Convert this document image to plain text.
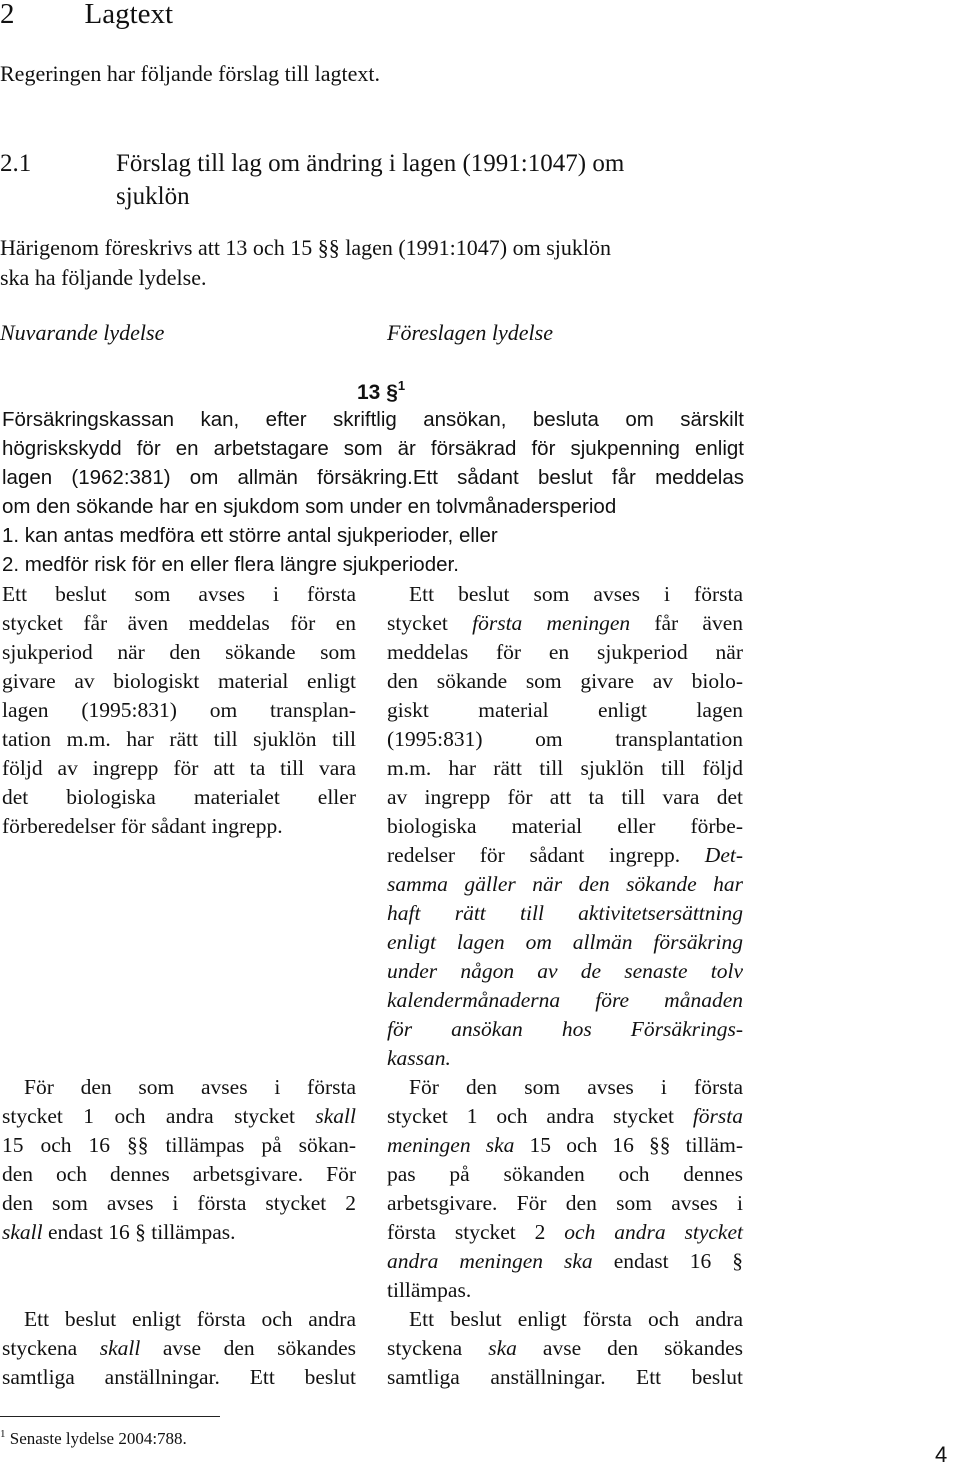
2 Lagtext
Regeringen har följande förslag till lagtext.
2.1	Förslag till lag om ändring i lagen (1991:1047) om
sjuklön
Härigenom föreskrivs att 13 och 15 §§ lagen (1991:1047) om sjuklön
ska ha följande lydelse.
Nuvarande lydelse	Föreslagen lydelse
13 §$^1$
Försäkringskassan kan, efter skriftlig ansökan, besluta om särskilt
högriskskydd för en arbetstagare som är försäkrad för sjukpenning enligt
lagen (1962:381) om allmän försäkring.Ett sådant beslut får meddelas
om den sökande har en sjukdom som under en tolvmånadersperiod
1. kan antas medföra ett större antal sjukperioder, eller
2. medför risk för en eller flera längre sjukperioder.
Ett beslut som avses i första
stycket får även meddelas för en
sjukperiod när den sökande som
givare av biologiskt material enligt
lagen (1995:831) om transplan-
tation m.m. har rätt till sjuklön till
följd av ingrepp för att ta till vara
det biologiska materialet eller
förberedelser för sådant ingrepp.
För den som avses i första
stycket 1 och andra stycket skall
15 och 16 §§ tillämpas på sökan-
den och dennes arbetsgivare. För
den som avses i första stycket 2
skall endast 16 § tillämpas.
Ett beslut enligt första och andra
styckena skall avse den sökandes
samtliga anställningar. Ett beslut
Ett beslut som avses i första
stycket första meningen får även
meddelas för en sjukperiod när
den sökande som givare av biolo-
giskt material enligt lagen
(1995:831) om transplantation
m.m. har rätt till sjuklön till följd
av ingrepp för att ta till vara det
biologiska material eller förbe-
redelser för sådant ingrepp. Det-
samma gäller när den sökande har
haft rätt till aktivitetsersättning
enligt lagen om allmän försäkring
under någon av de senaste tolv
kalendermånaderna före månaden
för ansökan hos Försäkrings-
kassan.
För den som avses i första
stycket 1 och andra stycket första
meningen ska 15 och 16 §§ tilläm-
pas på sökanden och dennes
arbetsgivare. För den som avses i
första stycket 2 och andra stycket
andra meningen ska endast 16 §
tillämpas.
Ett beslut enligt första och andra
styckena ska avse den sökandes
samtliga anställningar. Ett beslut
$^1$ Senaste lydelse 2004:788.
4
